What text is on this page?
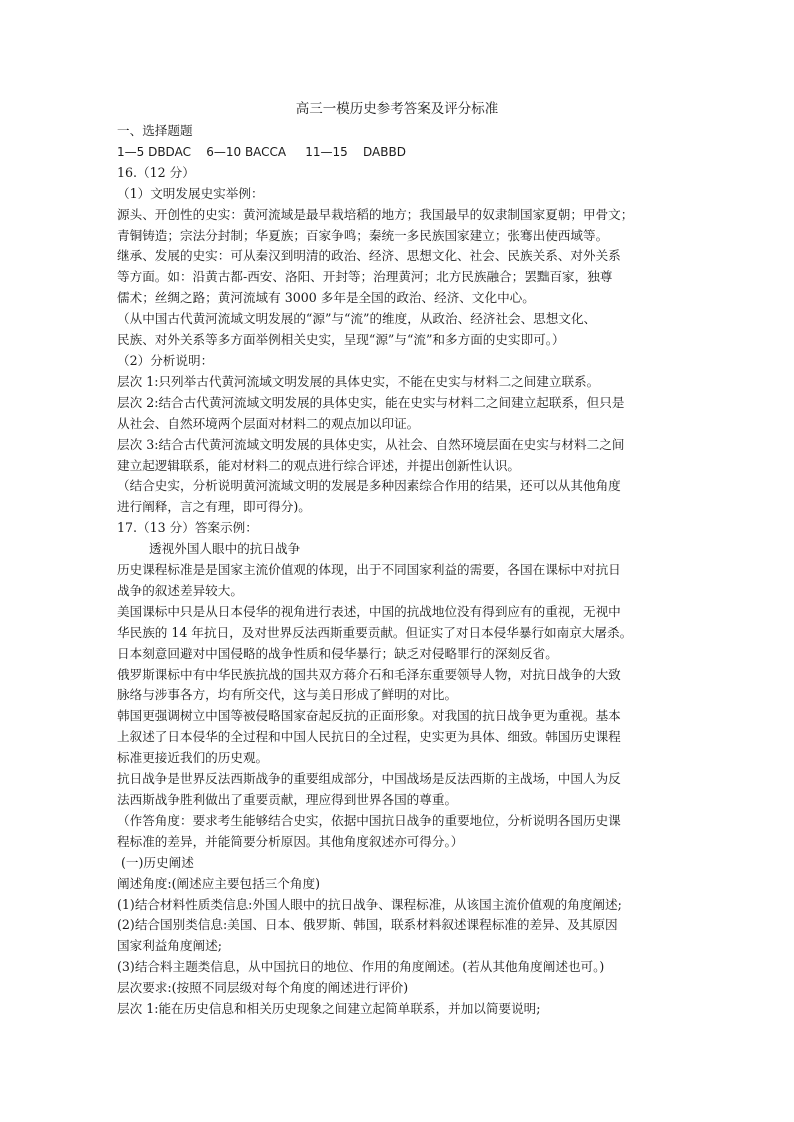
高三一模历史参考答案及评分标准

一、选择题题

1—5 DBDAC    6—10 BACCA     11—15    DABBD

16.（12 分）

（1）文明发展史实举例：

源头、开创性的史实：黄河流域是最早栽培稻的地方；我国最早的奴隶制国家夏朝；甲骨文；

青铜铸造；宗法分封制；华夏族；百家争鸣；秦统一多民族国家建立；张骞出使西域等。

继承、发展的史实：可从秦汉到明清的政治、经济、思想文化、社会、民族关系、对外关系

等方面。如：沿黄古都-西安、洛阳、开封等；治理黄河；北方民族融合；罢黜百家，独尊

儒术；丝绸之路；黄河流域有 3000 多年是全国的政治、经济、文化中心。

（从中国古代黄河流域文明发展的“源”与“流”的维度，从政治、经济社会、思想文化、

民族、对外关系等多方面举例相关史实，呈现“源”与“流”和多方面的史实即可。）

（2）分析说明：

层次 1:只列举古代黄河流域文明发展的具体史实，不能在史实与材料二之间建立联系。

层次 2:结合古代黄河流域文明发展的具体史实，能在史实与材料二之间建立起联系，但只是

从社会、自然环境两个层面对材料二的观点加以印证。

层次 3:结合古代黄河流域文明发展的具体史实，从社会、自然环境层面在史实与材料二之间

建立起逻辑联系，能对材料二的观点进行综合评述，并提出创新性认识。

（结合史实，分析说明黄河流域文明的发展是多种因素综合作用的结果，还可以从其他角度

进行阐释，言之有理，即可得分)。

17.（13 分）答案示例：

透视外国人眼中的抗日战争

历史课程标准是是国家主流价值观的体现，出于不同国家利益的需要，各国在课标中对抗日

战争的叙述差异较大。

美国课标中只是从日本侵华的视角进行表述，中国的抗战地位没有得到应有的重视，无视中

华民族的 14 年抗日，及对世界反法西斯重要贡献。但证实了对日本侵华暴行如南京大屠杀。

日本刻意回避对中国侵略的战争性质和侵华暴行；缺乏对侵略罪行的深刻反省。

俄罗斯课标中有中华民族抗战的国共双方蒋介石和毛泽东重要领导人物，对抗日战争的大致

脉络与涉事各方，均有所交代，这与美日形成了鲜明的对比。

韩国更强调树立中国等被侵略国家奋起反抗的正面形象。对我国的抗日战争更为重视。基本

上叙述了日本侵华的全过程和中国人民抗日的全过程，史实更为具体、细致。韩国历史课程

标准更接近我们的历史观。

抗日战争是世界反法西斯战争的重要组成部分，中国战场是反法西斯的主战场，中国人为反

法西斯战争胜利做出了重要贡献，理应得到世界各国的尊重。

（作答角度：要求考生能够结合史实，依据中国抗日战争的重要地位，分析说明各国历史课

程标准的差异，并能简要分析原因。其他角度叙述亦可得分。）

(一)历史阐述

阐述角度:(阐述应主要包括三个角度)

(1)结合材料性质类信息:外国人眼中的抗日战争、课程标准，从该国主流价值观的角度阐述;

(2)结合国别类信息:美国、日本、俄罗斯、韩国，联系材料叙述课程标准的差异、及其原因

国家利益角度阐述;

(3)结合料主题类信息，从中国抗日的地位、作用的角度阐述。(若从其他角度阐述也可。)

层次要求:(按照不同层级对每个角度的阐述进行评价)

层次 1:能在历史信息和相关历史现象之间建立起简单联系，并加以简要说明;
